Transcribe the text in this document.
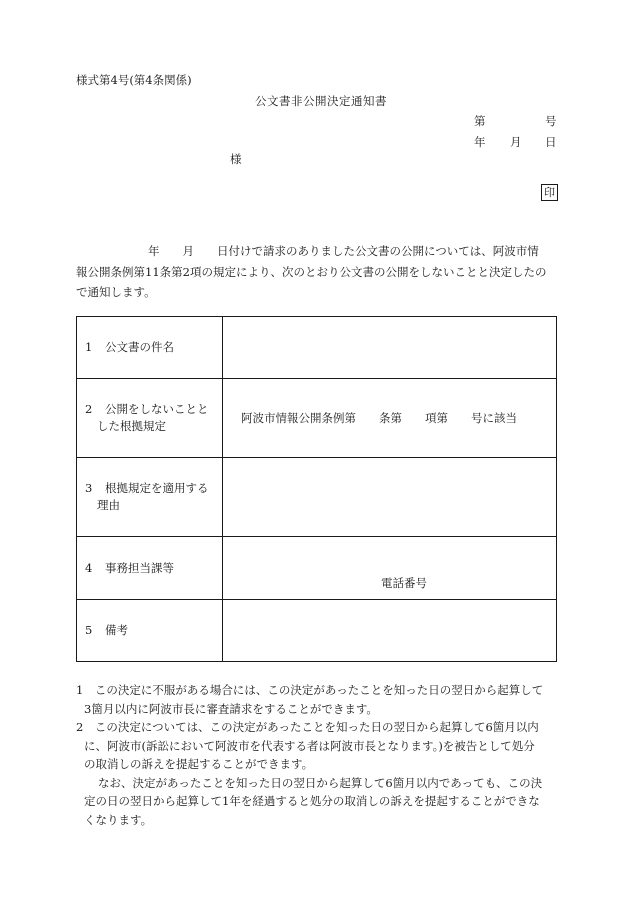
様式第4号(第4条関係)
公文書非公開決定通知書
第	号
年 月 日
様
印
年　　月　　日付けで請求のありました公文書の公開については、阿波市情
報公開条例第11条第2項の規定により、次のとおり公文書の公開をしないことと決定したの
で通知します。
1 公文書の件名	

2 公開をしないことと
した根拠規定	阿波市情報公開条例第　　条第　　項第　　号に該当

3 根拠規定を適用する
理由	

4 事務担当課等	電話番号

5 備考	
1　この決定に不服がある場合には、この決定があったことを知った日の翌日から起算して
3箇月以内に阿波市長に審査請求をすることができます。
2　この決定については、この決定があったことを知った日の翌日から起算して6箇月以内
に、阿波市(訴訟において阿波市を代表する者は阿波市長となります。)を被告として処分
の取消しの訴えを提起することができます。
なお、決定があったことを知った日の翌日から起算して6箇月以内であっても、この決
定の日の翌日から起算して1年を経過すると処分の取消しの訴えを提起することができな
くなります。
